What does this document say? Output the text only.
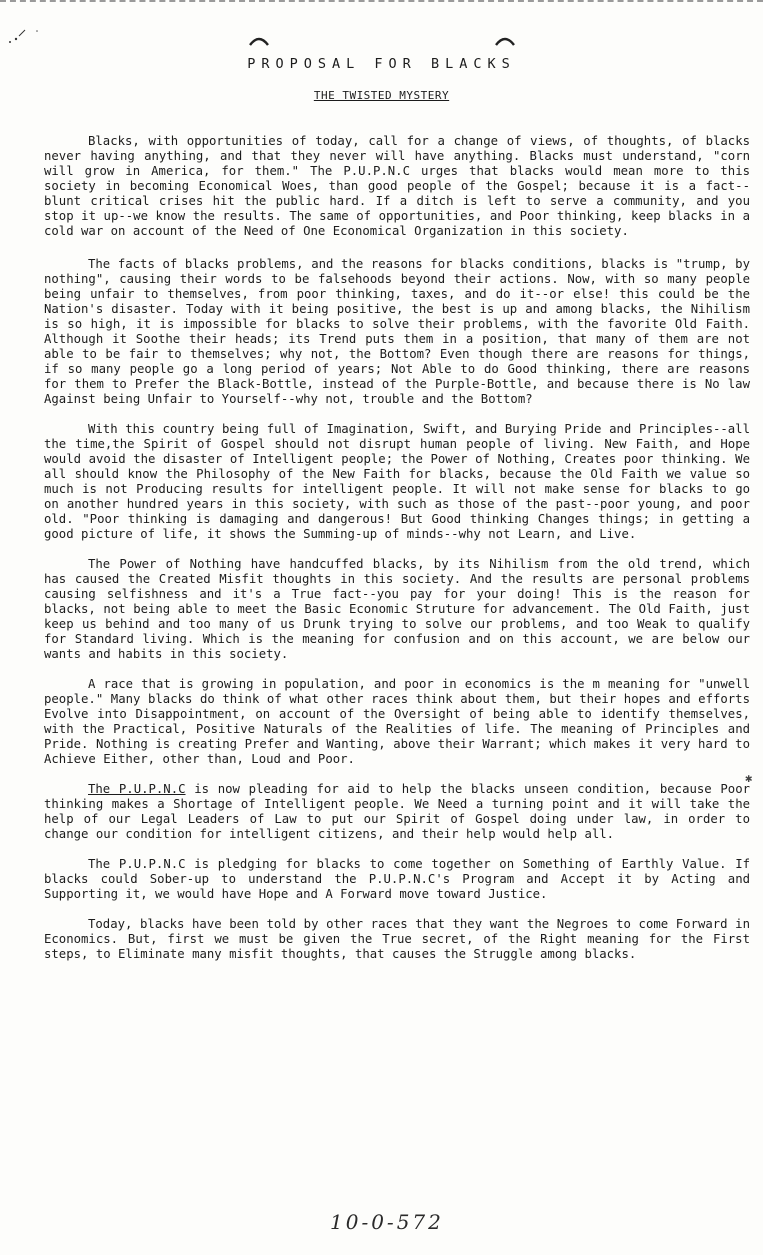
PROPOSAL FOR BLACKS
THE TWISTED MYSTERY

Blacks, with opportunities of today, call for a change of views, of thoughts, of blacks never having anything, and that they never will have anything. Blacks must understand, "corn will grow in America, for them." The P.U.P.N.C urges that blacks would mean more to this society in becoming Economical Woes, than good people of the Gospel; because it is a fact--blunt critical crises hit the public hard. If a ditch is left to serve a community, and you stop it up--we know the results. The same of opportunities, and Poor thinking, keep blacks in a cold war on account of the Need of One Economical Organization in this society.

The facts of blacks problems, and the reasons for blacks conditions, blacks is "trump, by nothing", causing their words to be falsehoods beyond their actions. Now, with so many people being unfair to themselves, from poor thinking, taxes, and do it--or else! this could be the Nation's disaster. Today with it being positive, the best is up and among blacks, the Nihilism is so high, it is impossible for blacks to solve their problems, with the favorite Old Faith. Although it Soothe their heads; its Trend puts them in a position, that many of them are not able to be fair to themselves; why not, the Bottom? Even though there are reasons for things, if so many people go a long period of years; Not Able to do Good thinking, there are reasons for them to Prefer the Black-Bottle, instead of the Purple-Bottle, and because there is No law Against being Unfair to Yourself--why not, trouble and the Bottom?

With this country being full of Imagination, Swift, and Burying Pride and Principles--all the time,the Spirit of Gospel should not disrupt human people of living. New Faith, and Hope would avoid the disaster of Intelligent people; the Power of Nothing, Creates poor thinking. We all should know the Philosophy of the New Faith for blacks, because the Old Faith we value so much is not Producing results for intelligent people. It will not make sense for blacks to go on another hundred years in this society, with such as those of the past--poor young, and poor old. "Poor thinking is damaging and dangerous! But Good thinking Changes things; in getting a good picture of life, it shows the Summing-up of minds--why not Learn, and Live.

The Power of Nothing have handcuffed blacks, by its Nihilism from the old trend, which has caused the Created Misfit thoughts in this society. And the results are personal problems causing selfishness and it's a True fact--you pay for your doing! This is the reason for blacks, not being able to meet the Basic Economic Struture for advancement. The Old Faith, just keep us behind and too many of us Drunk trying to solve our problems, and too Weak to qualify for Standard living. Which is the meaning for confusion and on this account, we are below our wants and habits in this society.

A race that is growing in population, and poor in economics is the m meaning for "unwell people." Many blacks do think of what other races think about them, but their hopes and efforts Evolve into Disappointment, on account of the Oversight of being able to identify themselves, with the Practical, Positive Naturals of the Realities of life. The meaning of Principles and Pride. Nothing is creating Prefer and Wanting, above their Warrant; which makes it very hard to Achieve Either, other than, Loud and Poor.

The P.U.P.N.C is now pleading for aid to help the blacks unseen condition, because Poor thinking makes a Shortage of Intelligent people. We Need a turning point and it will take the help of our Legal Leaders of Law to put our Spirit of Gospel doing under law, in order to change our condition for intelligent citizens, and their help would help all.

The P.U.P.N.C is pledging for blacks to come together on Something of Earthly Value. If blacks could Sober-up to understand the P.U.P.N.C's Program and Accept it by Acting and Supporting it, we would have Hope and A Forward move toward Justice.

Today, blacks have been told by other races that they want the Negroes to come Forward in Economics. But, first we must be given the True secret, of the Right meaning for the First steps, to Eliminate many misfit thoughts, that causes the Struggle among blacks.

✱
10-0-572
